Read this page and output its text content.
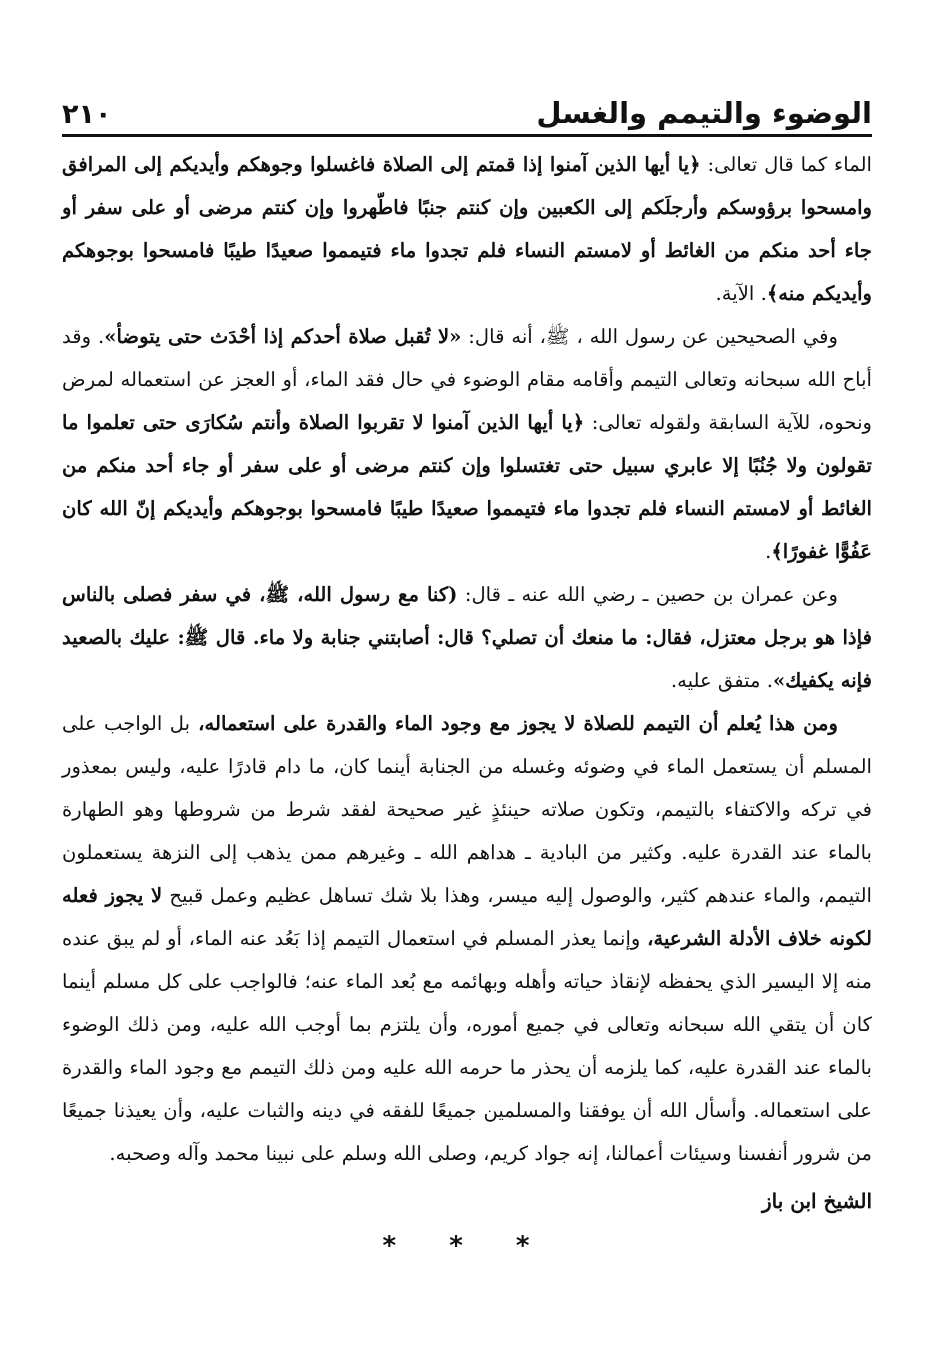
الوضوء والتيمم والغسل
٢١٠

الماء كما قال تعالى: ﴿يا أيها الذين آمنوا إذا قمتم إلى الصلاة فاغسلوا وجوهكم وأيديكم إلى المرافق وامسحوا برؤوسكم وأرجلَكم إلى الكعبين وإن كنتم جنبًا فاطّهروا وإن كنتم مرضى أو على سفر أو جاء أحد منكم من الغائط أو لامستم النساء فلم تجدوا ماء فتيمموا صعيدًا طيبًا فامسحوا بوجوهكم وأيديكم منه﴾. الآية.

وفي الصحيحين عن رسول الله ، ﷺ، أنه قال: «لا تُقبل صلاة أحدكم إذا أحْدَث حتى يتوضأ». وقد أباح الله سبحانه وتعالى التيمم وأقامه مقام الوضوء في حال فقد الماء، أو العجز عن استعماله لمرض ونحوه، للآية السابقة ولقوله تعالى: ﴿يا أيها الذين آمنوا لا تقربوا الصلاة وأنتم سُكارَى حتى تعلموا ما تقولون ولا جُنُبًا إلا عابري سبيل حتى تغتسلوا وإن كنتم مرضى أو على سفر أو جاء أحد منكم من الغائط أو لامستم النساء فلم تجدوا ماء فتيمموا صعيدًا طيبًا فامسحوا بوجوهكم وأيديكم إنّ الله كان عَفُوًّا غفورًا﴾.

وعن عمران بن حصين ـ رضي الله عنه ـ قال: (كنا مع رسول الله، ﷺ، في سفر فصلى بالناس فإذا هو برجل معتزل، فقال: ما منعك أن تصلي؟ قال: أصابتني جنابة ولا ماء. قال ﷺ: عليك بالصعيد فإنه يكفيك». متفق عليه.

ومن هذا يُعلم أن التيمم للصلاة لا يجوز مع وجود الماء والقدرة على استعماله، بل الواجب على المسلم أن يستعمل الماء في وضوئه وغسله من الجنابة أينما كان، ما دام قادرًا عليه، وليس بمعذور في تركه والاكتفاء بالتيمم، وتكون صلاته حينئذٍ غير صحيحة لفقد شرط من شروطها وهو الطهارة بالماء عند القدرة عليه. وكثير من البادية ـ هداهم الله ـ وغيرهم ممن يذهب إلى النزهة يستعملون التيمم، والماء عندهم كثير، والوصول إليه ميسر، وهذا بلا شك تساهل عظيم وعمل قبيح لا يجوز فعله لكونه خلاف الأدلة الشرعية، وإنما يعذر المسلم في استعمال التيمم إذا بَعُد عنه الماء، أو لم يبق عنده منه إلا اليسير الذي يحفظه لإنقاذ حياته وأهله وبهائمه مع بُعد الماء عنه؛ فالواجب على كل مسلم أينما كان أن يتقي الله سبحانه وتعالى في جميع أموره، وأن يلتزم بما أوجب الله عليه، ومن ذلك الوضوء بالماء عند القدرة عليه، كما يلزمه أن يحذر ما حرمه الله عليه ومن ذلك التيمم مع وجود الماء والقدرة على استعماله. وأسأل الله أن يوفقنا والمسلمين جميعًا للفقه في دينه والثبات عليه، وأن يعيذنا جميعًا من شرور أنفسنا وسيئات أعمالنا، إنه جواد كريم، وصلى الله وسلم على نبينا محمد وآله وصحبه.

الشيخ ابن باز
* * *
